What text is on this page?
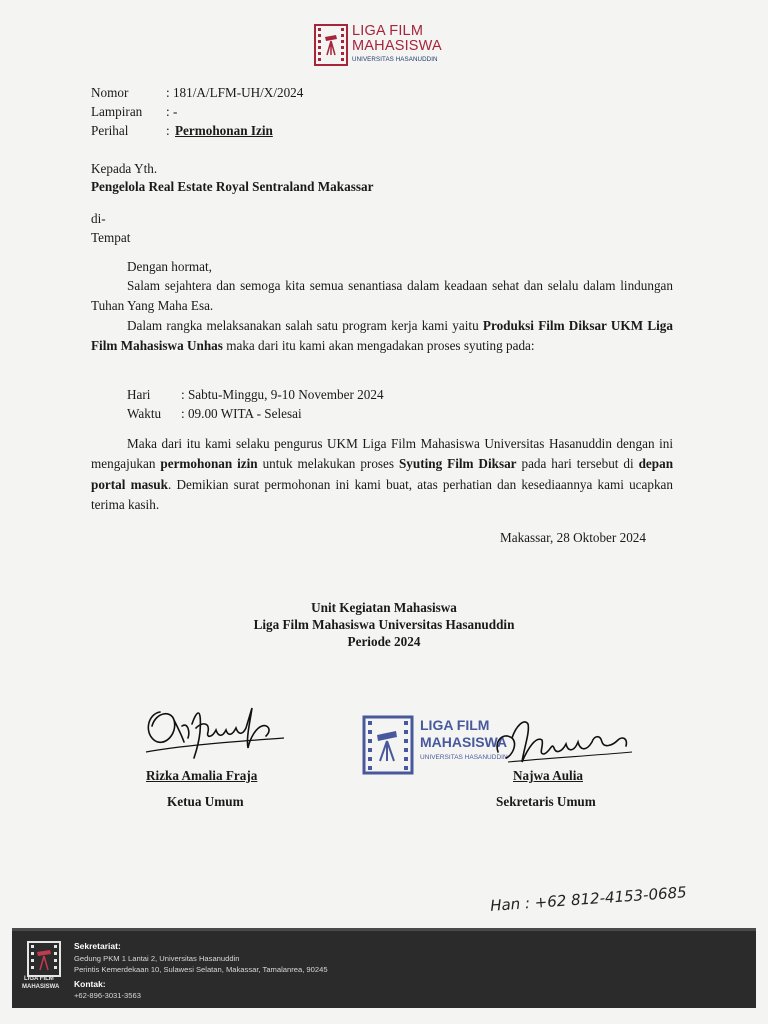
LIGA FILM
MAHASISWA
UNIVERSITAS HASANUDDIN
Nomor	: 181/A/LFM-UH/X/2024
Lampiran : -
Perihal	: Permohonan Izin
Kepada Yth.
Pengelola Real Estate Royal Sentraland Makassar
di-
Tempat
Dengan hormat,
Salam sejahtera dan semoga kita semua senantiasa dalam keadaan sehat dan selalu dalam lindungan Tuhan Yang Maha Esa.
Dalam rangka melaksanakan salah satu program kerja kami yaitu Produksi Film Diksar UKM Liga Film Mahasiswa Unhas maka dari itu kami akan mengadakan proses syuting pada:
Hari : Sabtu-Minggu, 9-10 November 2024
Waktu : 09.00 WITA - Selesai
Maka dari itu kami selaku pengurus UKM Liga Film Mahasiswa Universitas Hasanuddin dengan ini mengajukan permohonan izin untuk melakukan proses Syuting Film Diksar pada hari tersebut di depan portal masuk. Demikian surat permohonan ini kami buat, atas perhatian dan kesediaannya kami ucapkan terima kasih.
Makassar, 28 Oktober 2024
Unit Kegiatan Mahasiswa
Liga Film Mahasiswa Universitas Hasanuddin
Periode 2024
Rizka Amalia Fraja
Ketua Umum
LIGA FILM
MAHASISWA
UNIVERSITAS HASANUDDIN
Najwa Aulia
Sekretaris Umum
Han : +62 812-4153-0685
LIGA FILM
MAHASISWA
Sekretariat:
Gedung PKM 1 Lantai 2, Universitas Hasanuddin
Perintis Kemerdekaan 10, Sulawesi Selatan, Makassar, Tamalanrea, 90245
Kontak:
+62-896-3031-3563
